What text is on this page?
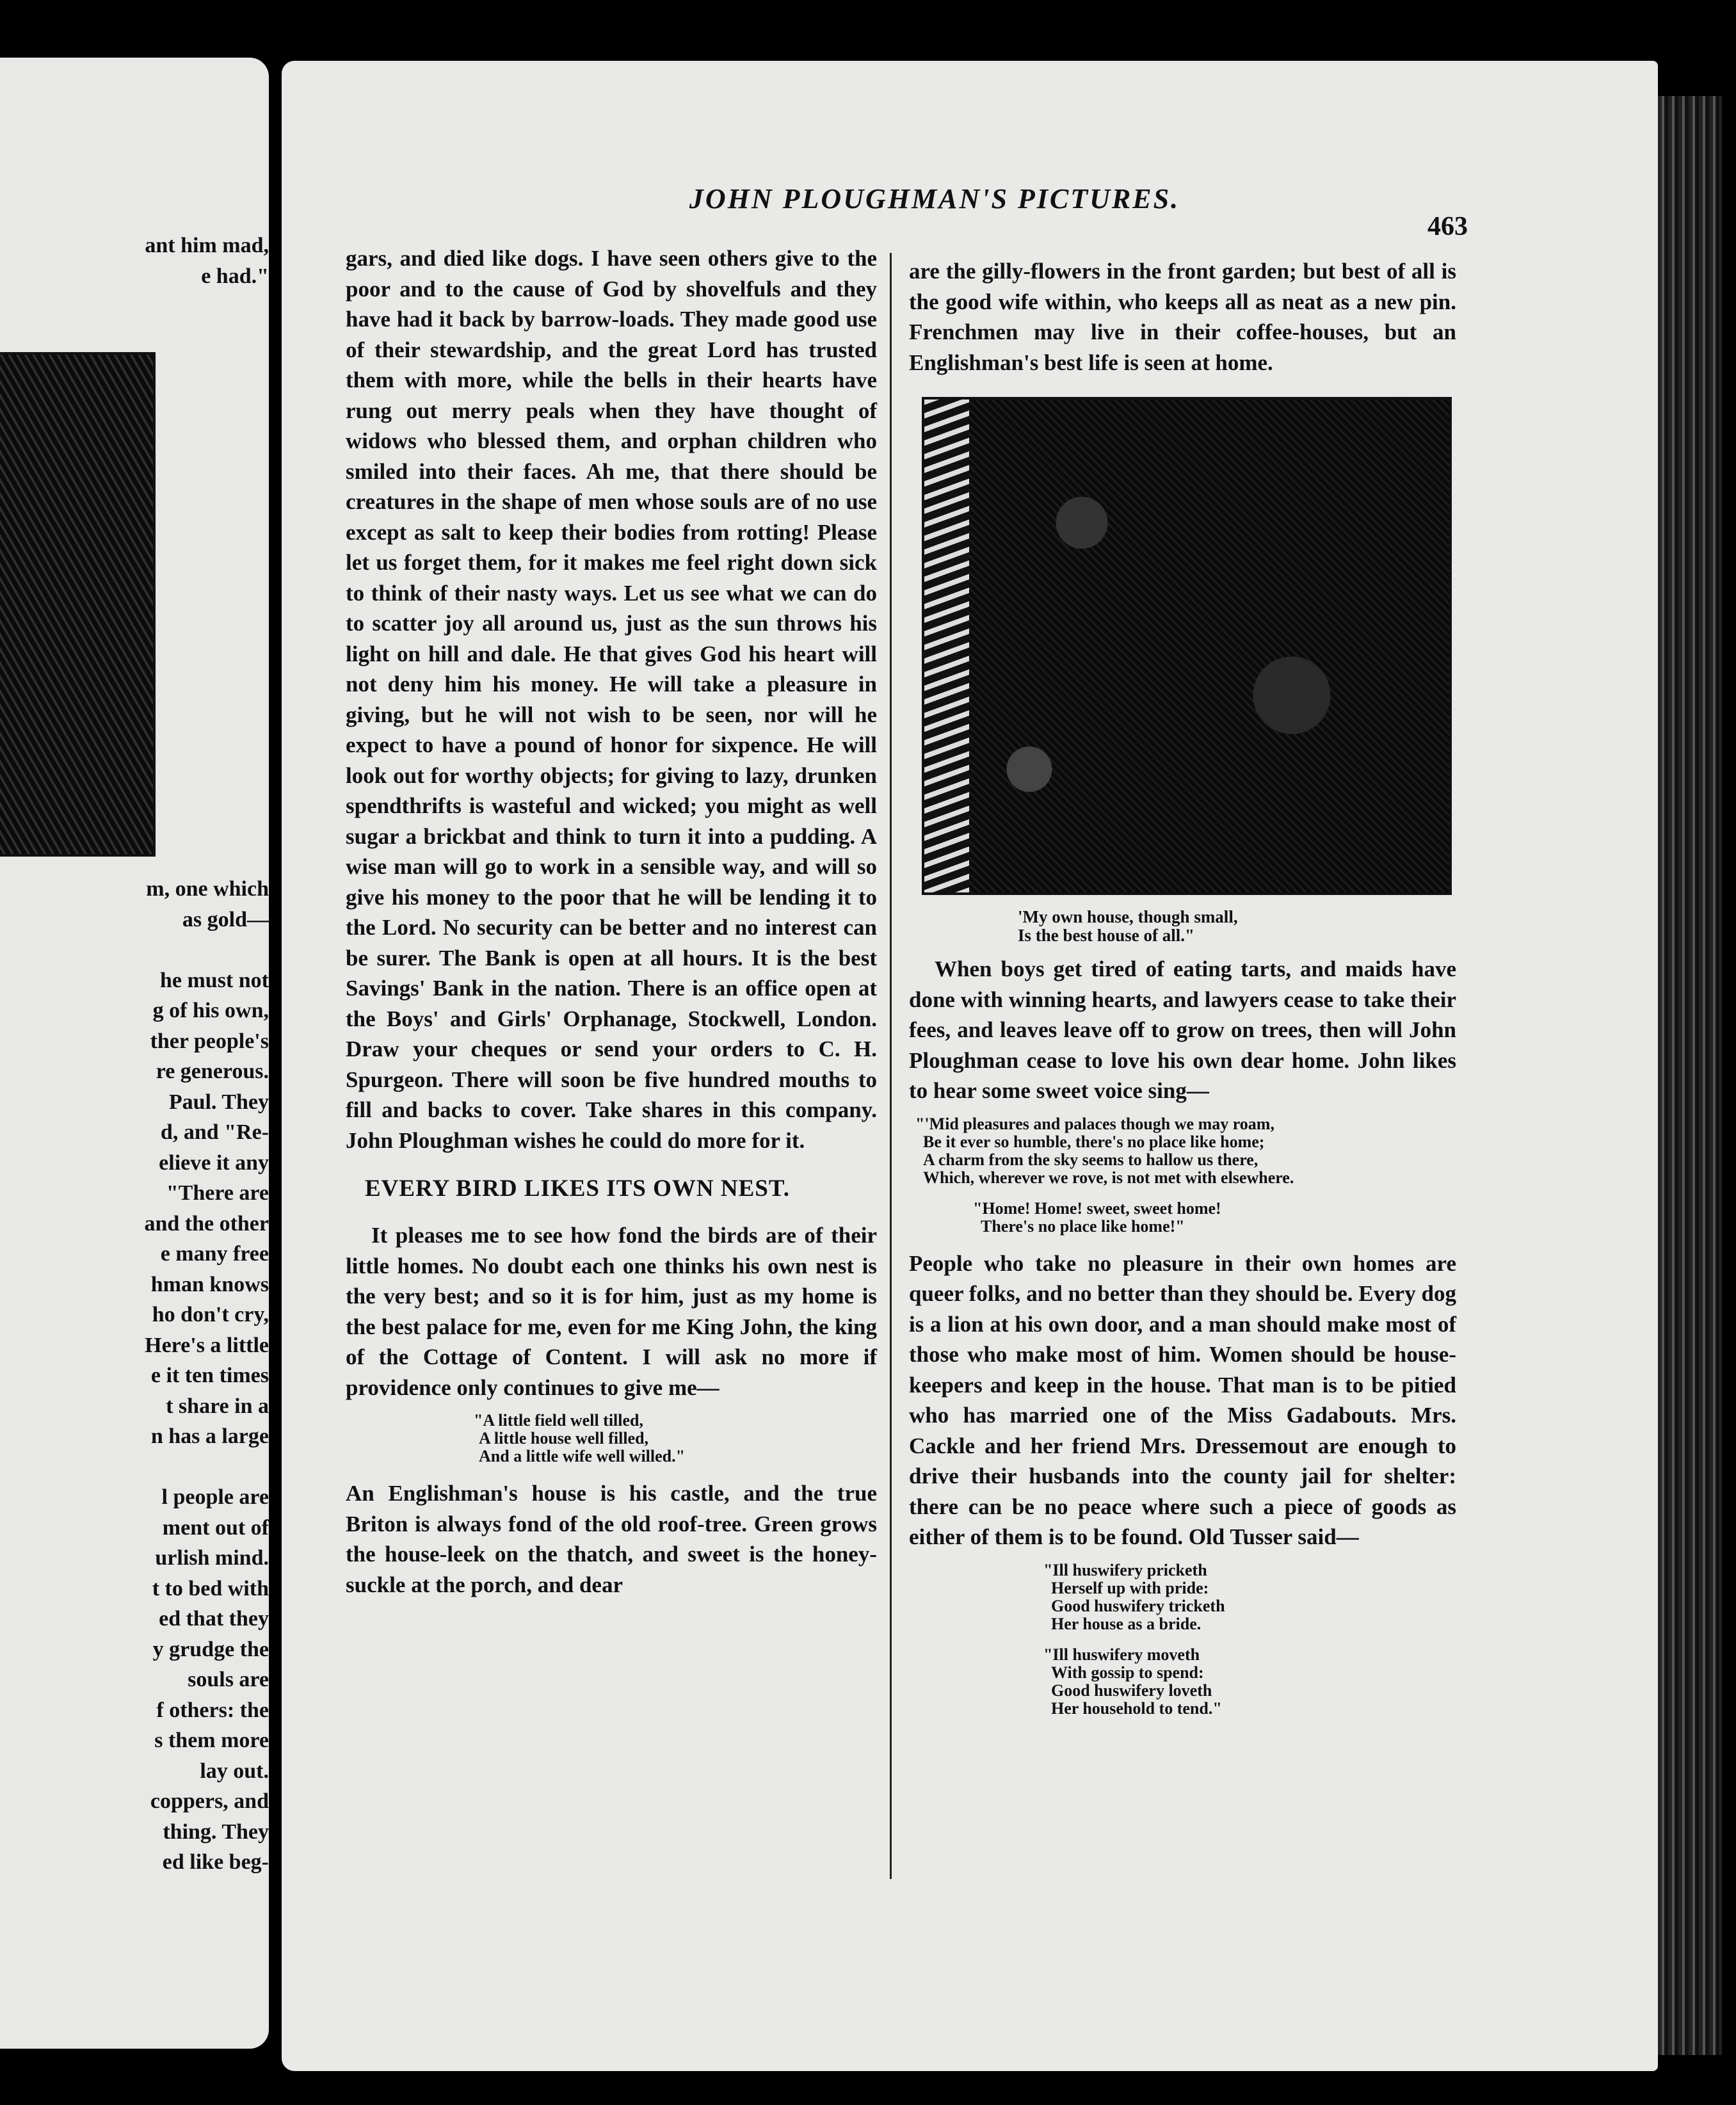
ant him mad,
e had."
m, one which
as gold—

he must not
g of his own,
ther people's
re generous.
Paul. They
d, and "Re-
elieve it any
"There are
and the other
e many free
hman knows
ho don't cry,
Here's a little
e it ten times
t share in a
n has a large

l people are
ment out of
urlish mind.
t to bed with
ed that they
y grudge the
souls are
f others: the
s them more
lay out.
coppers, and
thing. They
ed like beg-
JOHN PLOUGHMAN'S PICTURES.
463

gars, and died like dogs. I have seen others give to the poor and to the cause of God by shovelfuls and they have had it back by barrow-loads. They made good use of their stewardship, and the great Lord has trusted them with more, while the bells in their hearts have rung out merry peals when they have thought of widows who blessed them, and orphan children who smiled into their faces. Ah me, that there should be creatures in the shape of men whose souls are of no use except as salt to keep their bodies from rotting! Please let us forget them, for it makes me feel right down sick to think of their nasty ways. Let us see what we can do to scatter joy all around us, just as the sun throws his light on hill and dale. He that gives God his heart will not deny him his money. He will take a pleasure in giving, but he will not wish to be seen, nor will he expect to have a pound of honor for sixpence. He will look out for worthy objects; for giving to lazy, drunken spendthrifts is wasteful and wicked; you might as well sugar a brickbat and think to turn it into a pudding. A wise man will go to work in a sensible way, and will so give his money to the poor that he will be lending it to the Lord. No security can be better and no interest can be surer. The Bank is open at all hours. It is the best Savings' Bank in the nation. There is an office open at the Boys' and Girls' Orphanage, Stockwell, London. Draw your cheques or send your orders to C. H. Spurgeon. There will soon be five hundred mouths to fill and backs to cover. Take shares in this company. John Ploughman wishes he could do more for it.

EVERY BIRD LIKES ITS OWN NEST.

It pleases me to see how fond the birds are of their little homes. No doubt each one thinks his own nest is the very best; and so it is for him, just as my home is the best palace for me, even for me King John, the king of the Cottage of Content. I will ask no more if providence only continues to give me—

"A little field well tilled,
A little house well filled,
And a little wife well willed."

An Englishman's house is his castle, and the true Briton is always fond of the old roof-tree. Green grows the house-leek on the thatch, and sweet is the honey-suckle at the porch, and dear

are the gilly-flowers in the front garden; but best of all is the good wife within, who keeps all as neat as a new pin. Frenchmen may live in their coffee-houses, but an Englishman's best life is seen at home.

'My own house, though small,
Is the best house of all."

When boys get tired of eating tarts, and maids have done with winning hearts, and lawyers cease to take their fees, and leaves leave off to grow on trees, then will John Ploughman cease to love his own dear home. John likes to hear some sweet voice sing—

"'Mid pleasures and palaces though we may roam,
Be it ever so humble, there's no place like home;
A charm from the sky seems to hallow us there,
Which, wherever we rove, is not met with elsewhere.
"Home! Home! sweet, sweet home!
There's no place like home!"

People who take no pleasure in their own homes are queer folks, and no better than they should be. Every dog is a lion at his own door, and a man should make most of those who make most of him. Women should be house-keepers and keep in the house. That man is to be pitied who has married one of the Miss Gadabouts. Mrs. Cackle and her friend Mrs. Dressemout are enough to drive their husbands into the county jail for shelter: there can be no peace where such a piece of goods as either of them is to be found. Old Tusser said—

"Ill huswifery pricketh
Herself up with pride:
Good huswifery tricketh
Her house as a bride.
"Ill huswifery moveth
With gossip to spend:
Good huswifery loveth
Her household to tend."
